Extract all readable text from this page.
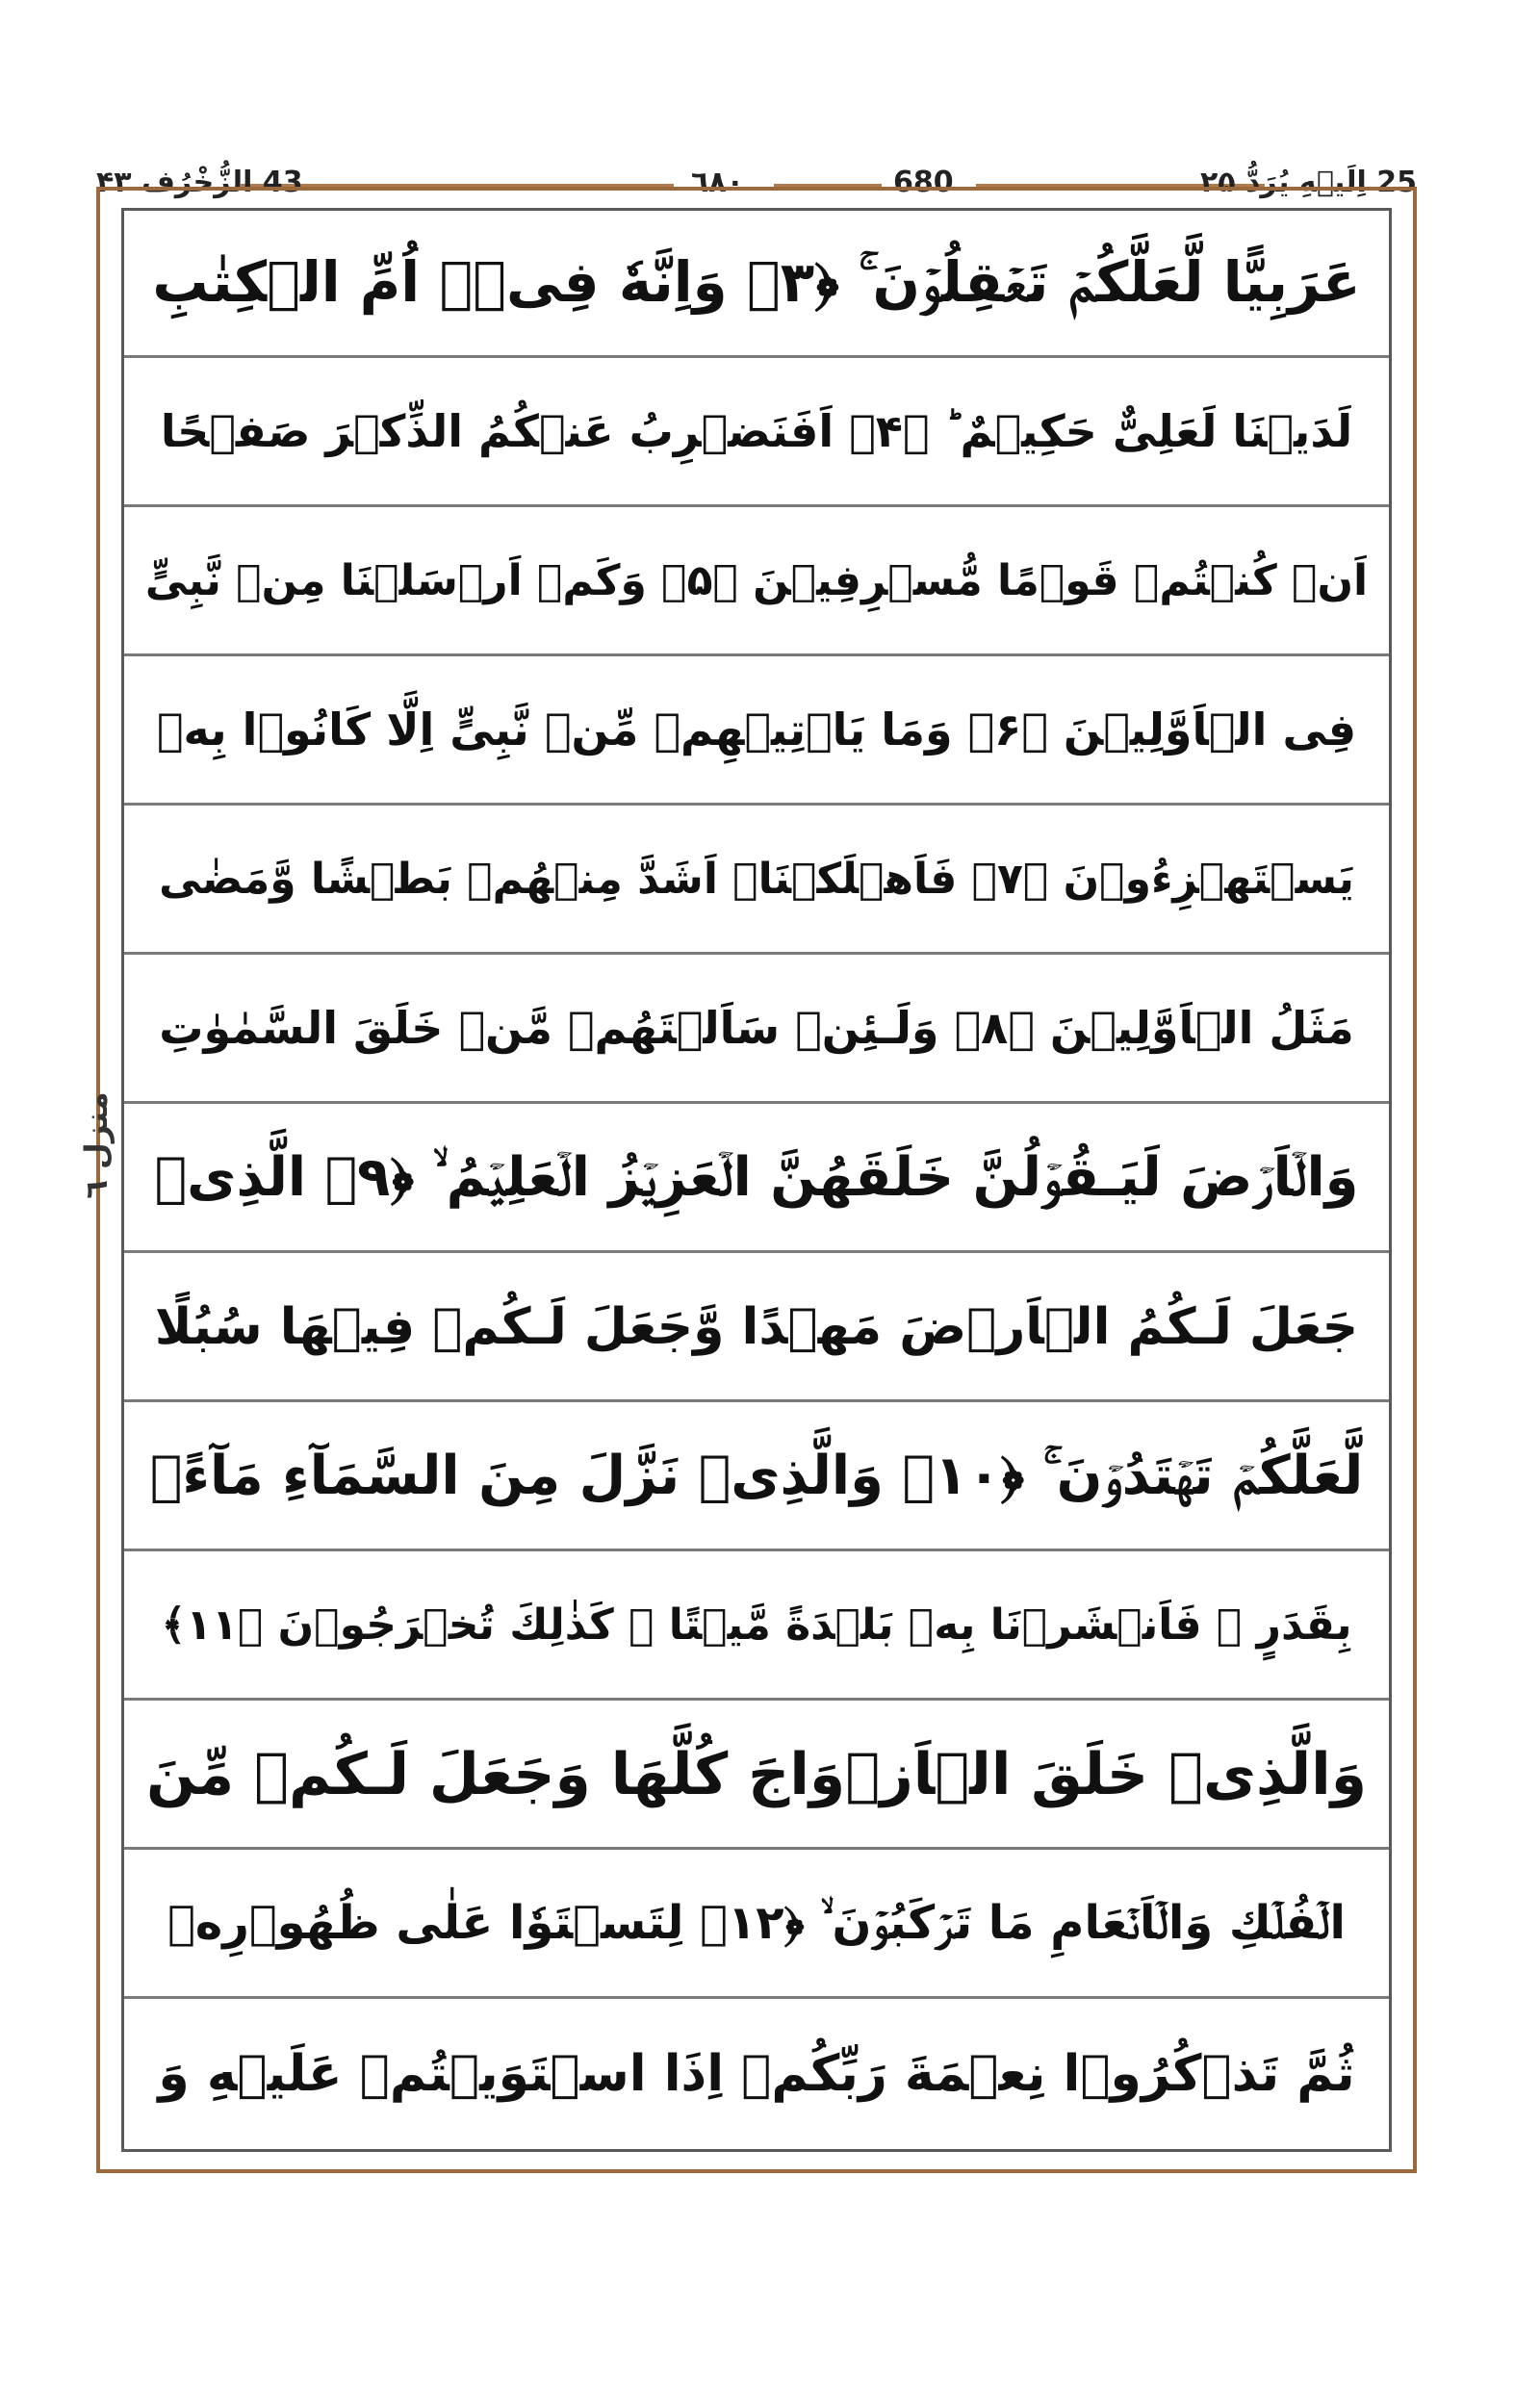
43 الزُّخْرُف ۴۳	٦٨٠	680	25 اِلَيۡهِ يُرَدُّ ۲۵
منزل ٦
عَرَبِيًّا لَّعَلَّكُمۡ تَعۡقِلُوۡنَ ۚ‏ ﴿۳﴾ وَاِنَّهٗ فِىۡۤ اُمِّ الۡكِتٰبِ
لَدَيۡنَا لَعَلِىٌّ حَكِيۡمٌ ؕ ﴿۴﴾ اَفَنَضۡرِبُ عَنۡكُمُ الذِّكۡرَ صَفۡحًا
اَنۡ كُنۡتُمۡ قَوۡمًا مُّسۡرِفِيۡنَ‏ ﴿۵﴾ وَكَمۡ اَرۡسَلۡنَا مِنۡ نَّبِىٍّ
فِى الۡاَوَّلِيۡنَ‏ ﴿۶﴾ وَمَا يَاۡتِيۡهِمۡ مِّنۡ نَّبِىٍّ اِلَّا كَانُوۡا بِهٖ
يَسۡتَهۡزِءُوۡنَ‏ ﴿۷﴾ فَاَهۡلَكۡنَاۤ اَشَدَّ مِنۡهُمۡ بَطۡشًا وَّمَضٰى
مَثَلُ الۡاَوَّلِيۡنَ‏ ﴿۸﴾ وَلَـئِنۡ سَاَلۡتَهُمۡ مَّنۡ خَلَقَ السَّمٰوٰتِ
وَالۡاَرۡضَ لَيَـقُوۡلُنَّ خَلَقَهُنَّ الۡعَزِيۡزُ الۡعَلِيۡمُ ۙ‏ ﴿۹﴾ الَّذِىۡ
جَعَلَ لَـكُمُ الۡاَرۡضَ مَهۡدًا وَّجَعَلَ لَـكُمۡ فِيۡهَا سُبُلًا
لَّعَلَّكُمۡ تَهۡتَدُوۡنَ‌ ۚ‏ ﴿۱۰﴾ وَالَّذِىۡ نَزَّلَ مِنَ السَّمَآءِ مَآءًۢ
بِقَدَرٍ‌ ۚ فَاَنۡشَرۡنَا بِهٖ بَلۡدَةً مَّيۡتًا‌ ۚ كَذٰلِكَ تُخۡرَجُوۡنَ‏ ﴿۱۱﴾
وَالَّذِىۡ خَلَقَ الۡاَزۡوَاجَ كُلَّهَا وَجَعَلَ لَـكُمۡ مِّنَ
الۡفُلۡكِ وَالۡاَنۡعَامِ مَا تَرۡكَبُوۡنَ ۙ‏ ﴿۱۲﴾ لِتَسۡتَوٗا عَلٰى ظُهُوۡرِهٖ
ثُمَّ تَذۡكُرُوۡا نِعۡمَةَ رَبِّكُمۡ اِذَا اسۡتَوَيۡتُمۡ عَلَيۡهِ وَ
